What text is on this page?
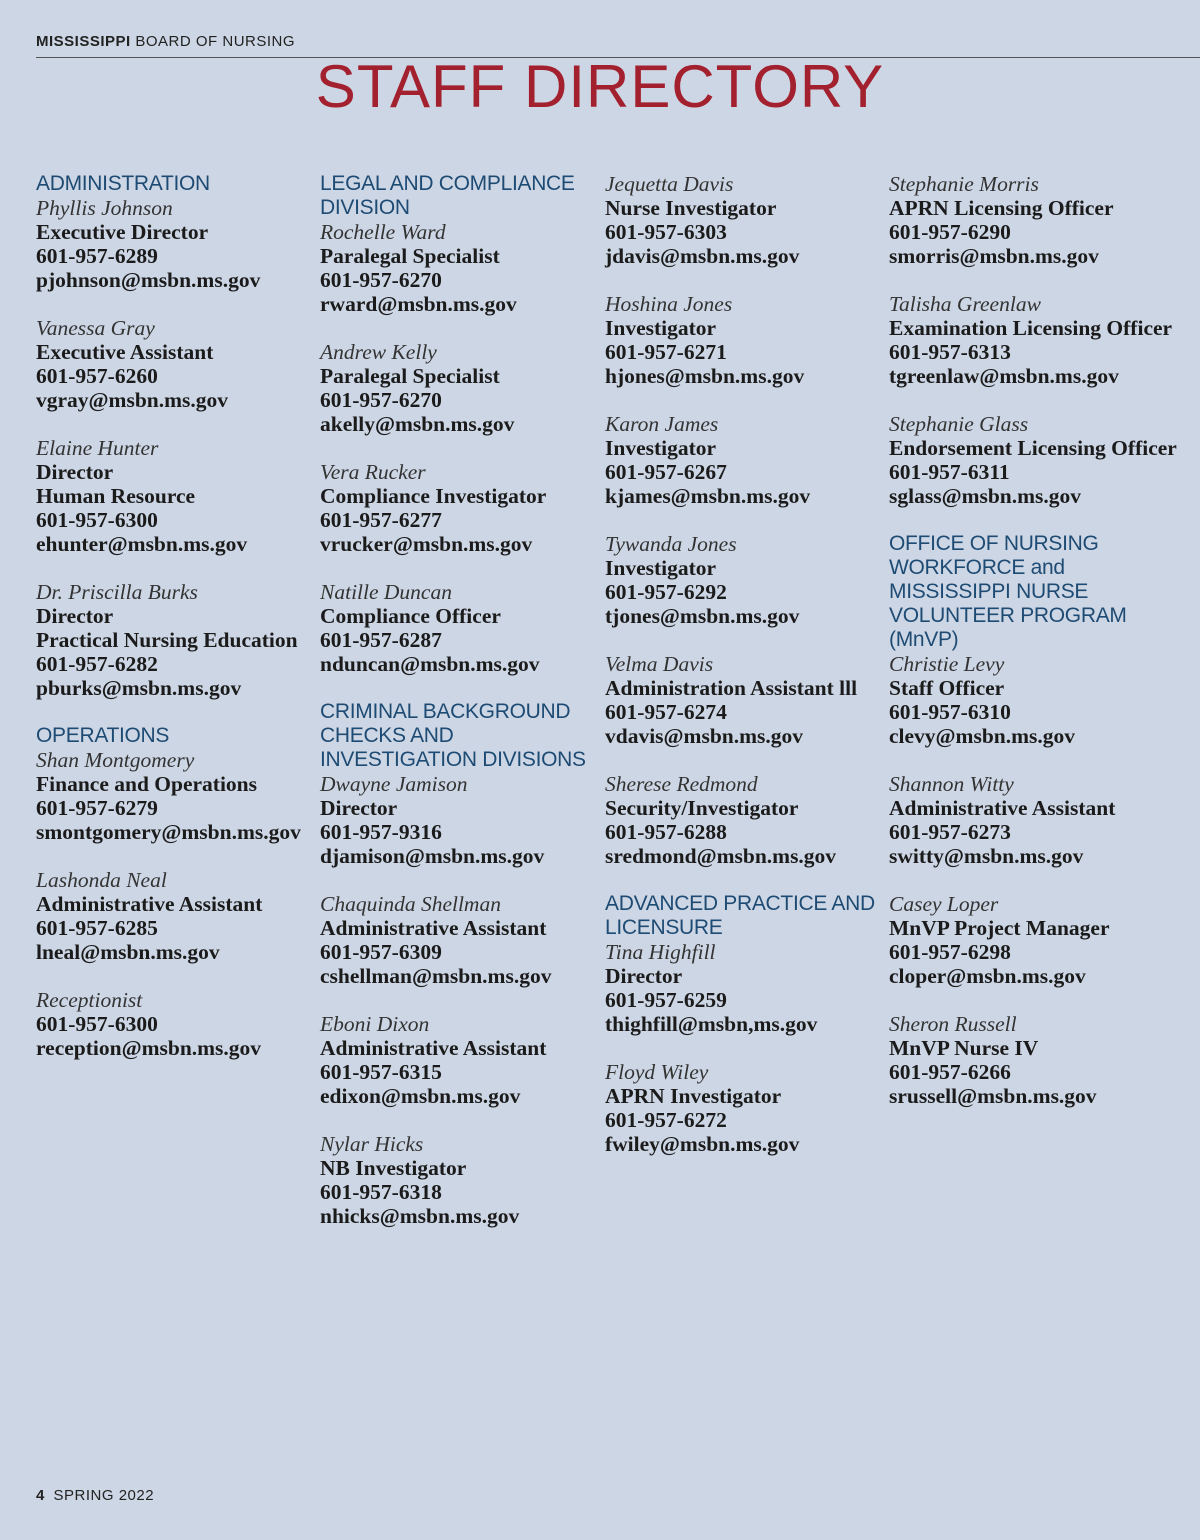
MISSISSIPPI BOARD OF NURSING
STAFF DIRECTORY
ADMINISTRATION
Phyllis Johnson
Executive Director
601-957-6289
pjohnson@msbn.ms.gov
Vanessa Gray
Executive Assistant
601-957-6260
vgray@msbn.ms.gov
Elaine Hunter
Director
Human Resource
601-957-6300
ehunter@msbn.ms.gov
Dr. Priscilla Burks
Director
Practical Nursing Education
601-957-6282
pburks@msbn.ms.gov
OPERATIONS
Shan Montgomery
Finance and Operations
601-957-6279
smontgomery@msbn.ms.gov
Lashonda Neal
Administrative Assistant
601-957-6285
lneal@msbn.ms.gov
Receptionist
601-957-6300
reception@msbn.ms.gov
LEGAL AND COMPLIANCE DIVISION
Rochelle Ward
Paralegal Specialist
601-957-6270
rward@msbn.ms.gov
Andrew Kelly
Paralegal Specialist
601-957-6270
akelly@msbn.ms.gov
Vera Rucker
Compliance Investigator
601-957-6277
vrucker@msbn.ms.gov
Natille Duncan
Compliance Officer
601-957-6287
nduncan@msbn.ms.gov
CRIMINAL BACKGROUND CHECKS AND INVESTIGATION DIVISIONS
Dwayne Jamison
Director
601-957-9316
djamison@msbn.ms.gov
Chaquinda Shellman
Administrative Assistant
601-957-6309
cshellman@msbn.ms.gov
Eboni Dixon
Administrative Assistant
601-957-6315
edixon@msbn.ms.gov
Nylar Hicks
NB Investigator
601-957-6318
nhicks@msbn.ms.gov
Jequetta Davis
Nurse Investigator
601-957-6303
jdavis@msbn.ms.gov
Hoshina Jones
Investigator
601-957-6271
hjones@msbn.ms.gov
Karon James
Investigator
601-957-6267
kjames@msbn.ms.gov
Tywanda Jones
Investigator
601-957-6292
tjones@msbn.ms.gov
Velma Davis
Administration Assistant lll
601-957-6274
vdavis@msbn.ms.gov
Sherese Redmond
Security/Investigator
601-957-6288
sredmond@msbn.ms.gov
ADVANCED PRACTICE AND LICENSURE
Tina Highfill
Director
601-957-6259
thighfill@msbn,ms.gov
Floyd Wiley
APRN Investigator
601-957-6272
fwiley@msbn.ms.gov
Stephanie Morris
APRN Licensing Officer
601-957-6290
smorris@msbn.ms.gov
Talisha Greenlaw
Examination Licensing Officer
601-957-6313
tgreenlaw@msbn.ms.gov
Stephanie Glass
Endorsement Licensing Officer
601-957-6311
sglass@msbn.ms.gov
OFFICE OF NURSING WORKFORCE and MISSISSIPPI NURSE VOLUNTEER PROGRAM (MnVP)
Christie Levy
Staff Officer
601-957-6310
clevy@msbn.ms.gov
Shannon Witty
Administrative Assistant
601-957-6273
switty@msbn.ms.gov
Casey Loper
MnVP Project Manager
601-957-6298
cloper@msbn.ms.gov
Sheron Russell
MnVP Nurse IV
601-957-6266
srussell@msbn.ms.gov
4 SPRING 2022
